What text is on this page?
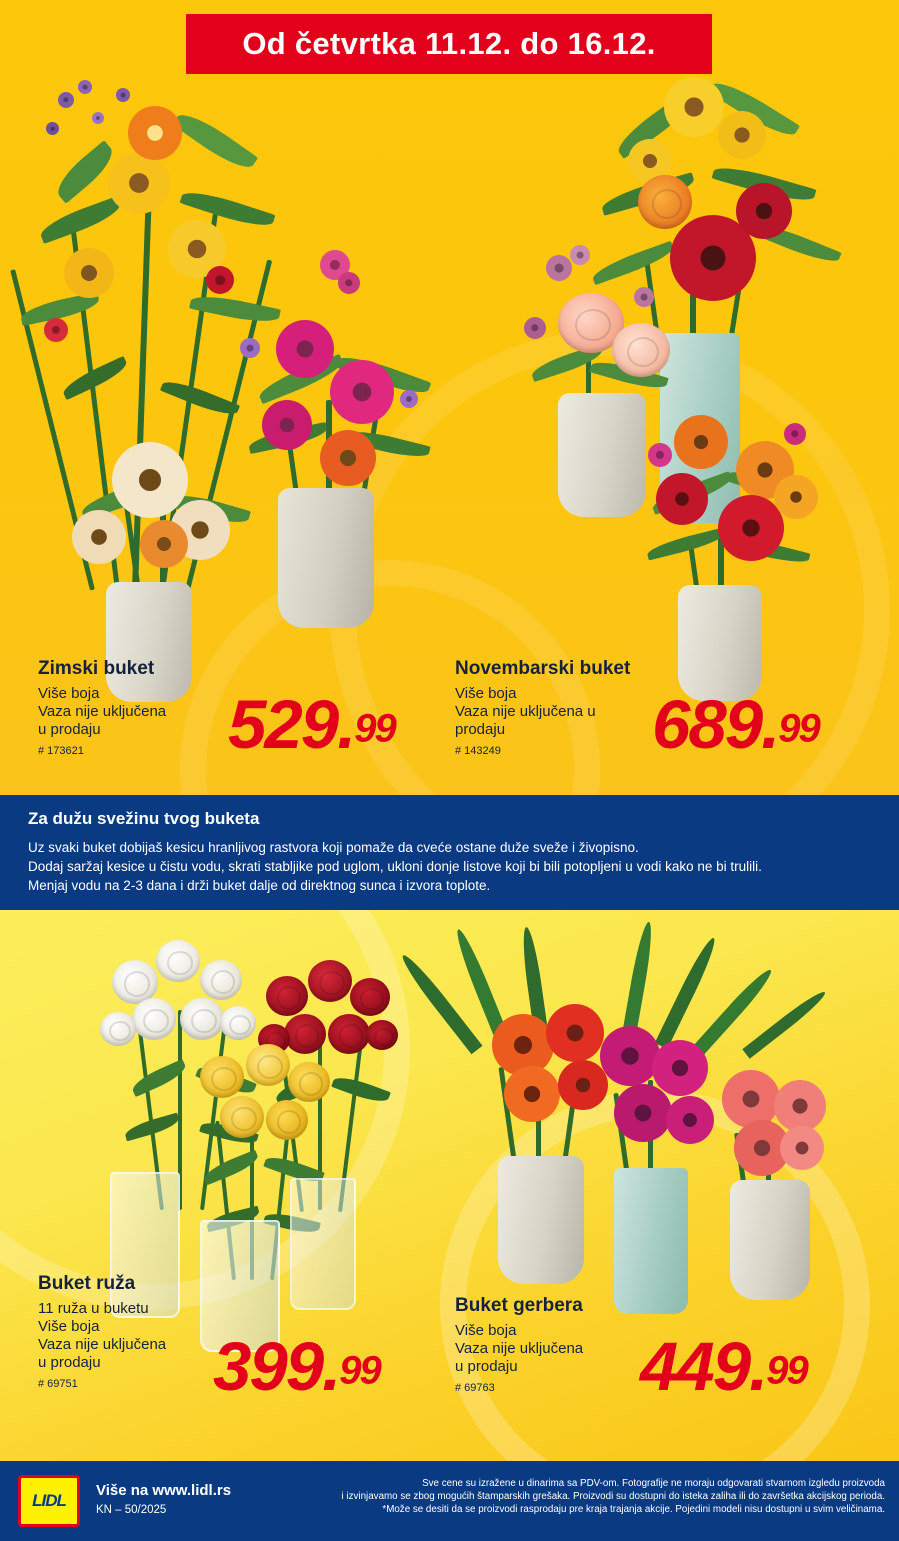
Zimski buket
Više boja
Vaza nije uključena
u prodaju
# 173621	529.99
Novembarski buket
Više boja
Vaza nije uključena u
prodaju
# 143249	689.99
Od četvrtka 11.12. do 16.12.
Za dužu svežinu tvog buketa

Uz svaki buket dobijaš kesicu hranljivog rastvora koji pomaže da cveće ostane duže sveže i živopisno.

Dodaj saržaj kesice u čistu vodu, skrati stabljike pod uglom, ukloni donje listove koji bi bili potopljeni u vodi kako ne bi trulili.

Menjaj vodu na 2-3 dana i drži buket dalje od direktnog sunca i izvora toplote.

Buket ruža
11 ruža u buketu
Više boja
Vaza nije uključena
u prodaju
# 69751	399.99
Buket gerbera
Više boja
Vaza nije uključena
u prodaju
# 69763	449.99
LIDL
Više na www.lidl.rs
KN – 50/2025
Sve cene su izražene u dinarima sa PDV-om. Fotografije ne moraju odgovarati stvarnom izgledu proizvoda
i izvinjavamo se zbog mogućih štamparskih grešaka. Proizvodi su dostupni do isteka zaliha ili do završetka akcijskog perioda.
*Može se desiti da se proizvodi rasprodaju pre kraja trajanja akcije. Pojedini modeli nisu dostupni u svim veličinama.
